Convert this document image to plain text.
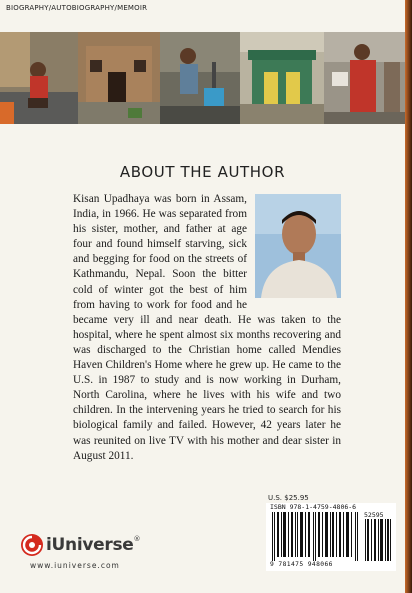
BIOGRAPHY/AUTOBIOGRAPHY/MEMOIR
ABOUT THE AUTHOR
Kisan Upadhaya was born in Assam, India, in 1966. He was separated from his sister, mother, and father at age four and found himself starving, sick and begging for food on the streets of Kathmandu, Nepal. Soon the bitter cold of winter got the best of him from having to work for food and he became very ill and near death. He was taken to the hospital, where he spent almost six months recovering and was discharged to the Christian home called Mendies Haven Children's Home where he grew up. He came to the U.S. in 1987 to study and is now working in Durham, North Carolina, where he lives with his wife and two children. In the intervening years he tried to search for his biological family and failed. However, 42 years later he was reunited on live TV with his mother and dear sister in August 2011.
U.S. $25.95
ISBN 978-1-4759-4806-6
52595
9 781475 948066
iUniverse ®
www.iuniverse.com
